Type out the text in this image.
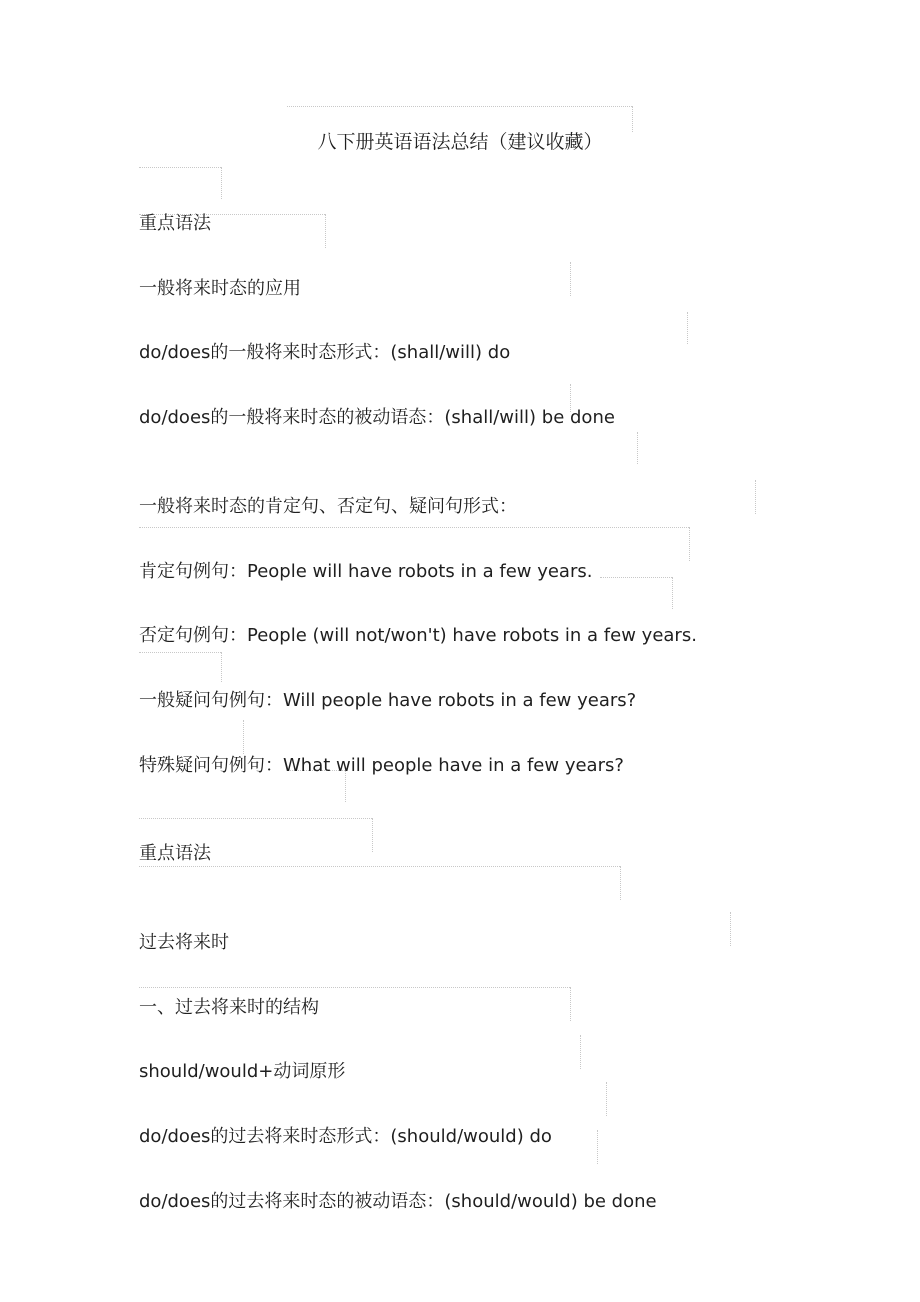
八下册英语语法总结（建议收藏）
重点语法
一般将来时态的应用
do/does的一般将来时态形式：(shall/will) do
do/does的一般将来时态的被动语态：(shall/will) be done
一般将来时态的肯定句、否定句、疑问句形式：
肯定句例句：People will have robots in a few years.
否定句例句：People (will not/won't) have robots in a few years.
一般疑问句例句：Will people have robots in a few years?
特殊疑问句例句：What will people have in a few years?
重点语法
过去将来时
一、过去将来时的结构
should/would+动词原形
do/does的过去将来时态形式：(should/would) do
do/does的过去将来时态的被动语态：(should/would) be done
